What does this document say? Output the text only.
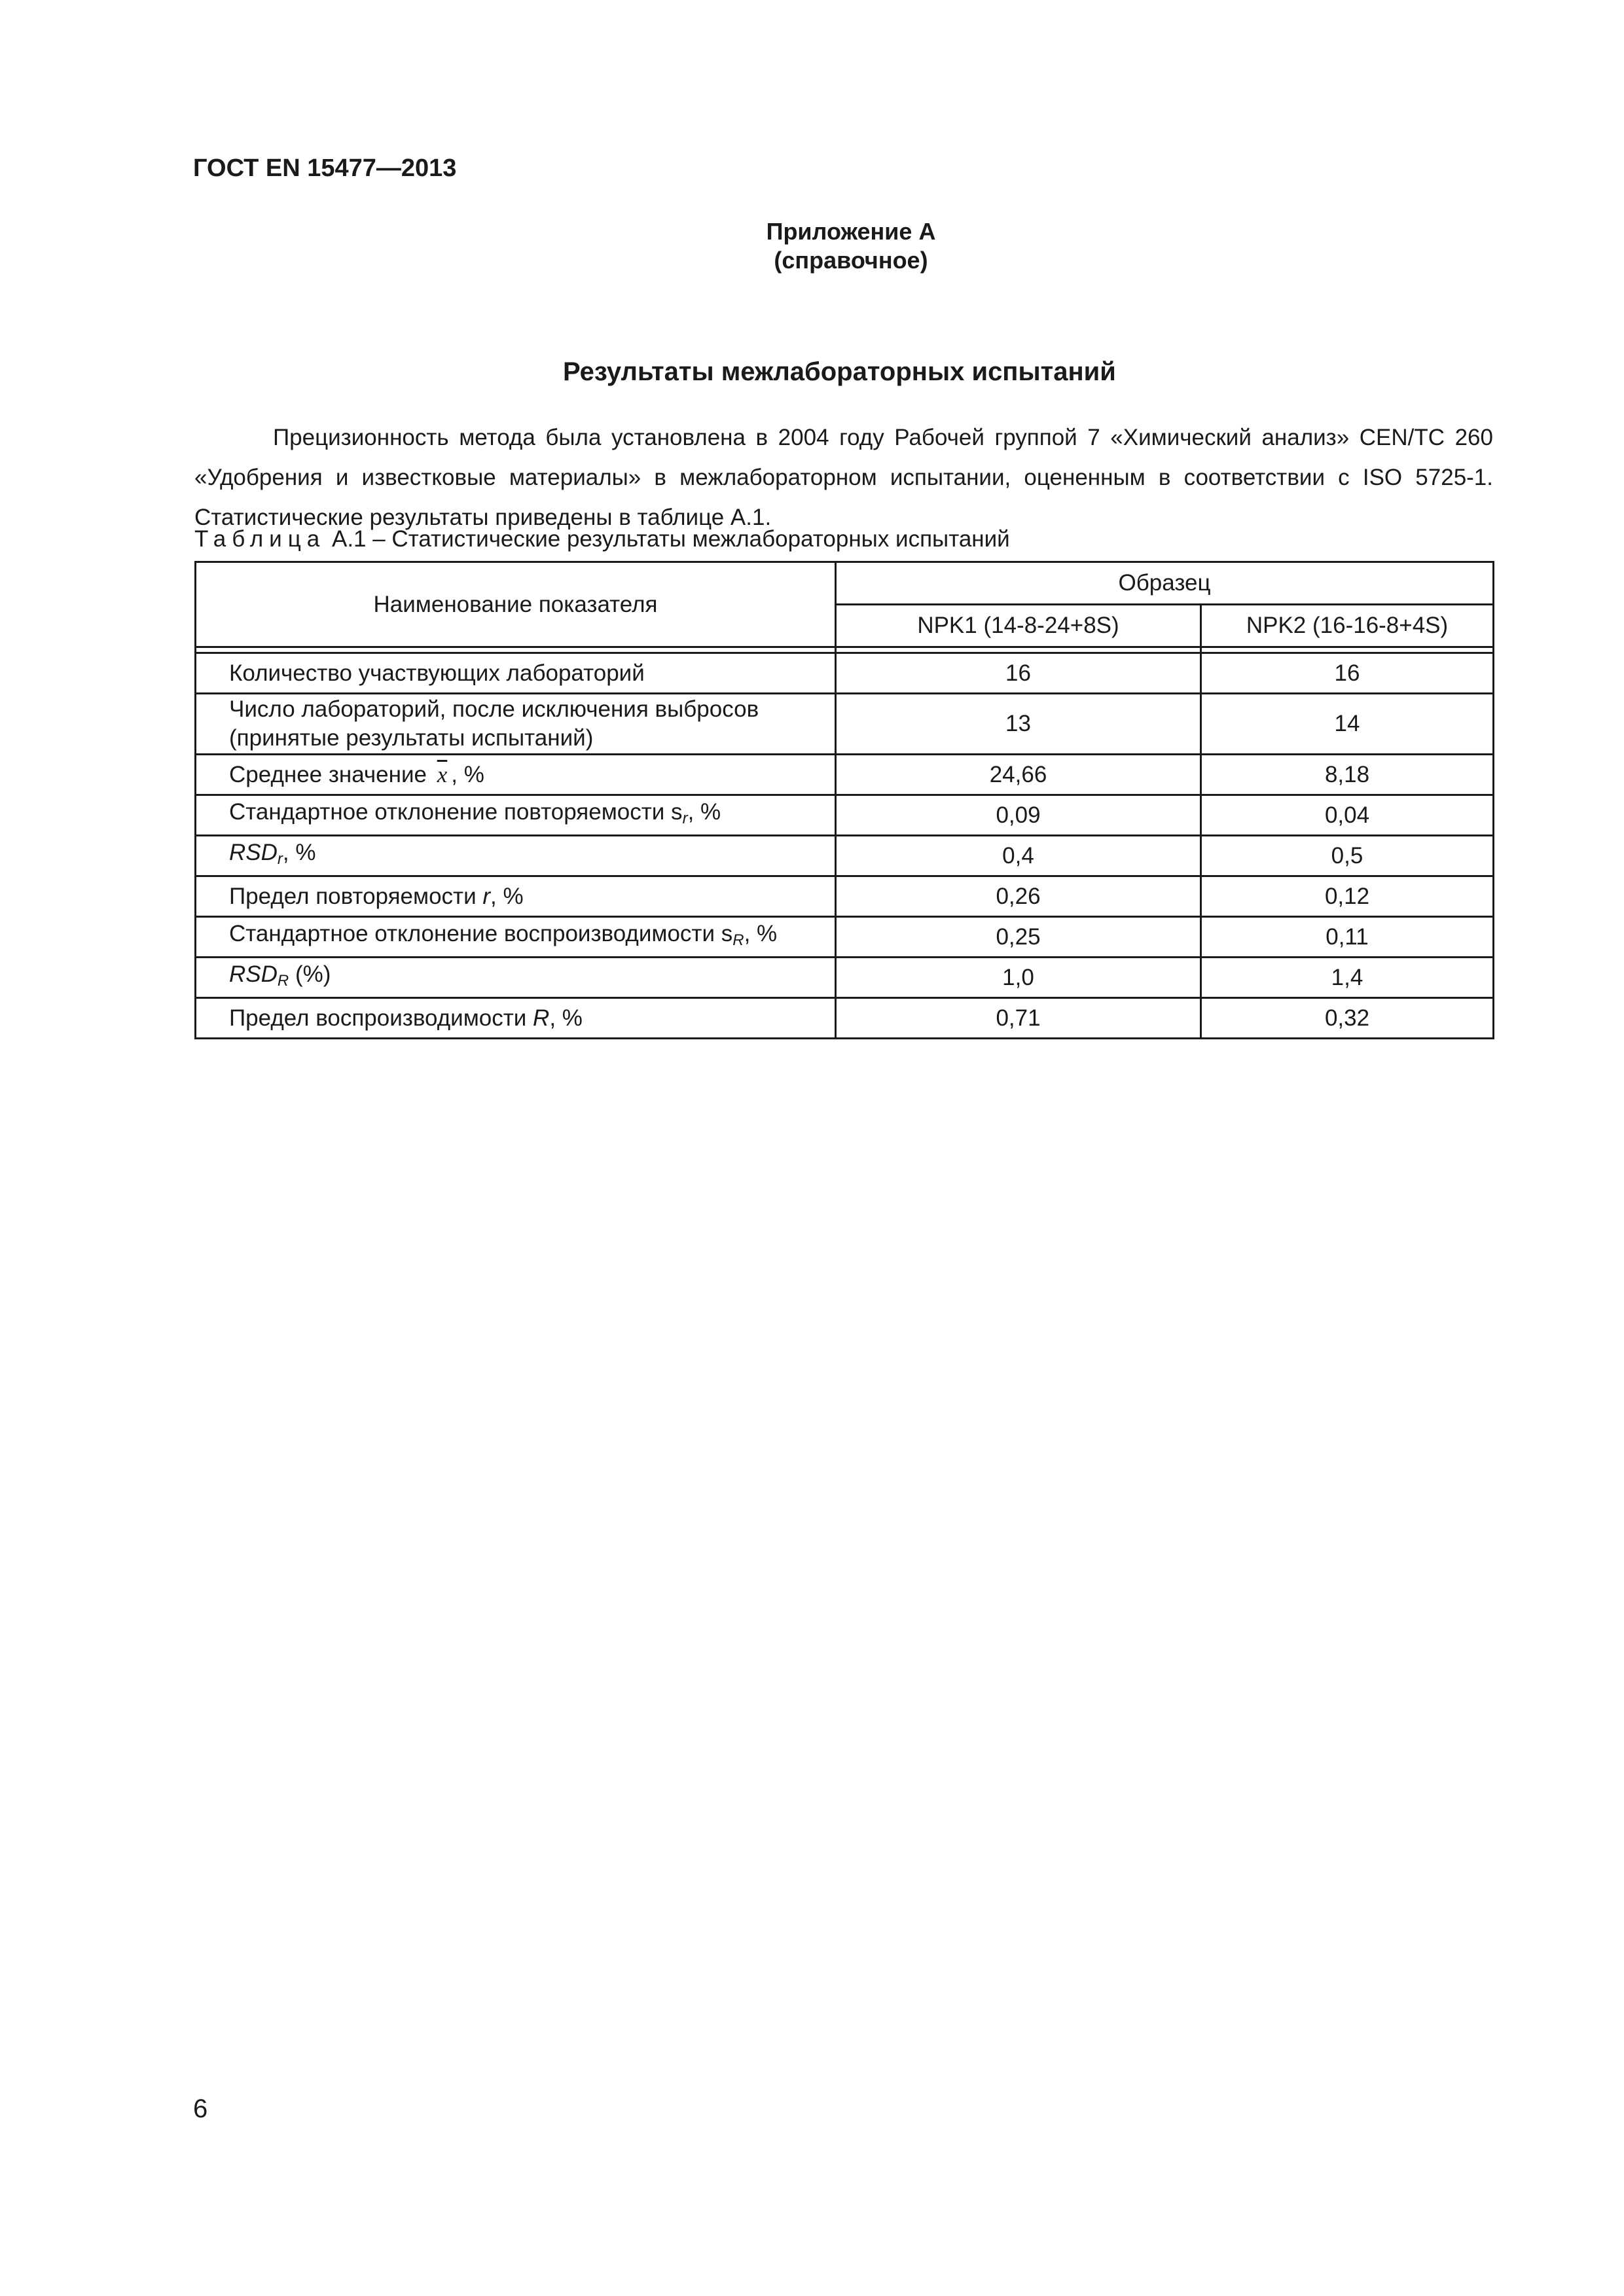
ГОСТ EN 15477—2013
Приложение А
(справочное)
Результаты межлабораторных испытаний

Прецизионность метода была установлена в 2004 году Рабочей группой 7 «Химический анализ» CEN/TC 260 «Удобрения и известковые материалы» в межлабораторном испытании, оцененным в соответствии с ISO 5725-1. Статистические результаты приведены в таблице А.1.

Таблица А.1 – Статистические результаты межлабораторных испытаний
Наименование показателя	Образец	
	NPK1 (14-8-24+8S)	NPK2 (16-16-8+4S)

Количество участвующих лабораторий	16	16
Число лабораторий, после исключения выбросов
(принятые результаты испытаний)	13	14
Среднее значение $\overline{x}$ , %	24,66	8,18
Стандартное отклонение повторяемости $s_r$, %	0,09	0,04
$RSD_r$, %	0,4	0,5
Предел повторяемости r, %	0,26	0,12
Стандартное отклонение воспроизводимости $s_R$, %	0,25	0,11
$RSD_R$ (%)	1,0	1,4
Предел воспроизводимости R, %	0,71	0,32
6
